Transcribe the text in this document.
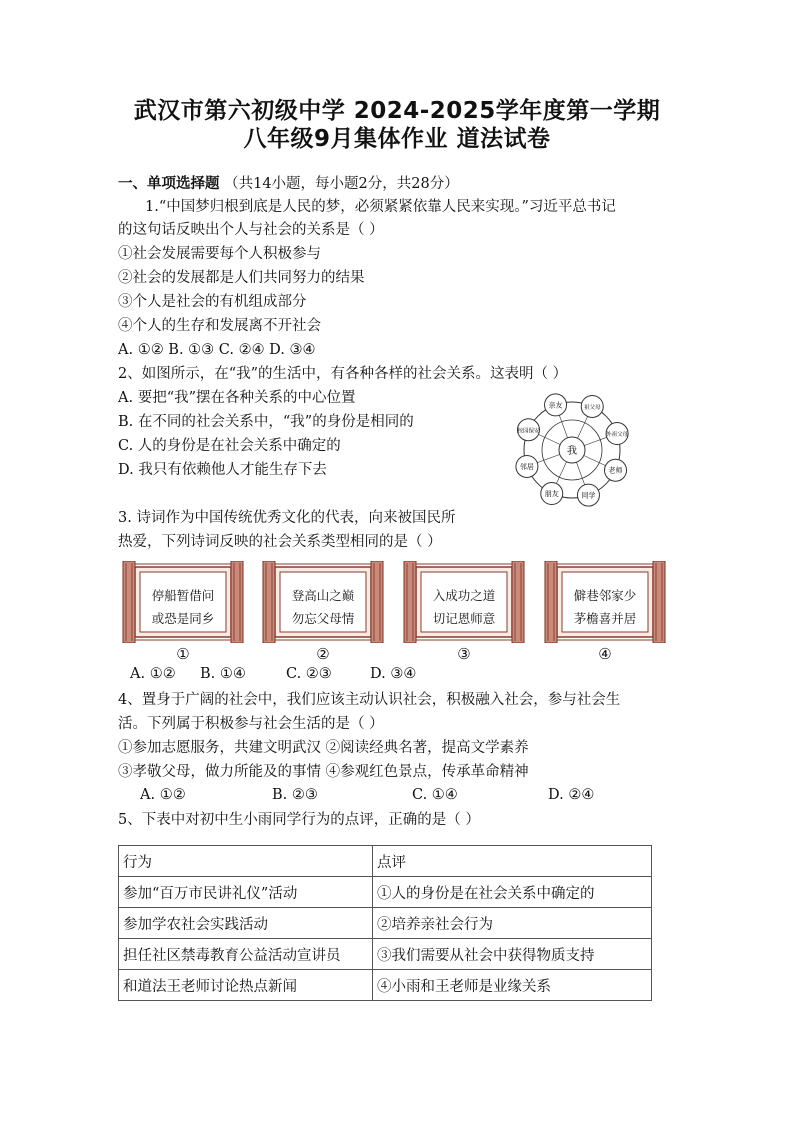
武汉市第六初级中学 2024-2025学年度第一学期
八年级9月集体作业 道法试卷
一、单项选择题 （共14小题，每小题2分，共28分）
1.“中国梦归根到底是人民的梦，必须紧紧依靠人民来实现。”习近平总书记
的这句话反映出个人与社会的关系是（ ）
①社会发展需要每个人积极参与
②社会的发展都是人们共同努力的结果
③个人是社会的有机组成部分
④个人的生存和发展离不开社会
A. ①② B. ①③ C. ②④ D. ③④
2、如图所示，在“我”的生活中，有各种各样的社会关系。这表明（ ）
A. 要把“我”摆在各种关系的中心位置
B. 在不同的社会关系中，“我”的身份是相同的
C. 人的身份是在社会关系中确定的
D. 我只有依赖他人才能生存下去
我
亲友	祖父母
外祖父母
老师
同学
朋友
邻居
校园保安
3. 诗词作为中国传统优秀文化的代表，向来被国民所
热爱，下列诗词反映的社会关系类型相同的是（ ）
停船暂借问
或恐是同乡
①
登高山之巅
勿忘父母情
②
入成功之道
切记恩师意
③
僻巷邻家少
茅檐喜并居
④
A. ①② B. ①④	C. ②③	D. ③④
4、置身于广阔的社会中，我们应该主动认识社会，积极融入社会，参与社会生
活。下列属于积极参与社会生活的是（ ）
①参加志愿服务，共建文明武汉 ②阅读经典名著，提高文学素养
③孝敬父母，做力所能及的事情 ④参观红色景点，传承革命精神
A. ①②	B. ②③	C. ①④	D. ②④
5、下表中对初中生小雨同学行为的点评，正确的是（ ）
行为	点评
参加“百万市民讲礼仪”活动	①人的身份是在社会关系中确定的
参加学农社会实践活动	②培养亲社会行为
担任社区禁毒教育公益活动宣讲员	③我们需要从社会中获得物质支持
和道法王老师讨论热点新闻	④小雨和王老师是业缘关系
